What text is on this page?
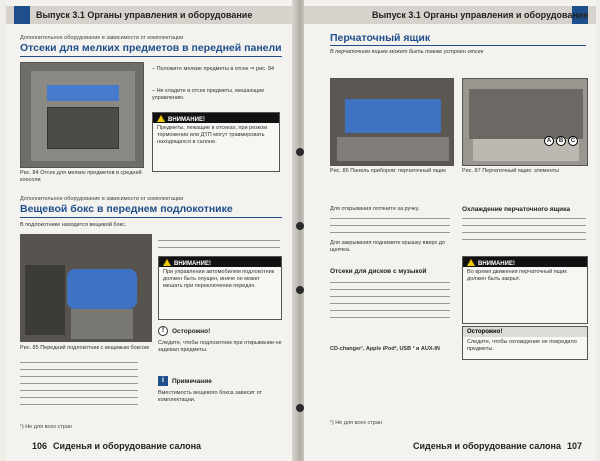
Выпуск 3.1 Органы управления и оборудование
Дополнительное оборудование в зависимости от комплектации
Отсеки для мелких предметов в передней панели
Рис. 84 Отсек для мелких предметов в средней консоли
– Положите мелкие предметы в отсек ⇒ рис. 84
– Не кладите в отсек предметы, мешающие управлению.
ВНИМАНИЕ!
Предметы, лежащие в отсеках, при резком торможении или ДТП могут травмировать находящихся в салоне.
Дополнительное оборудование в зависимости от комплектации
Вещевой бокс в переднем подлокотнике
В подлокотнике находится вещевой бокс.
Рис. 85 Передний подлокотник с вещевым боксом
ВНИМАНИЕ!
При управлении автомобилем подлокотник должен быть опущен, иначе он может мешать при переключении передач.
!	Осторожно!
Следите, чтобы подлокотник при открывании не задевал предметы.
i	Примечание
Вместимость вещевого бокса зависит от комплектации.
¹) Не для всех стран
106 Сиденья и оборудование салона
Выпуск 3.1 Органы управления и оборудование
Перчаточный ящик
В перчаточном ящике может быть также устроен отсек
Рис. 86 Панель приборов: перчаточный ящик
A	B	C
Рис. 87 Перчаточный ящик: элементы
Для открывания потяните за ручку.
Для закрывания поднимите крышку вверх до щелчка.
Отсеки для дисков с музыкой
CD-changer¹, Apple iPod², USB ³ и AUX-IN
Охлаждение перчаточного ящика
ВНИМАНИЕ!
Во время движения перчаточный ящик должен быть закрыт.
Осторожно!
Следите, чтобы охлаждение не повредило предметы.
¹) Не для всех стран
Сиденья и оборудование салона 107
